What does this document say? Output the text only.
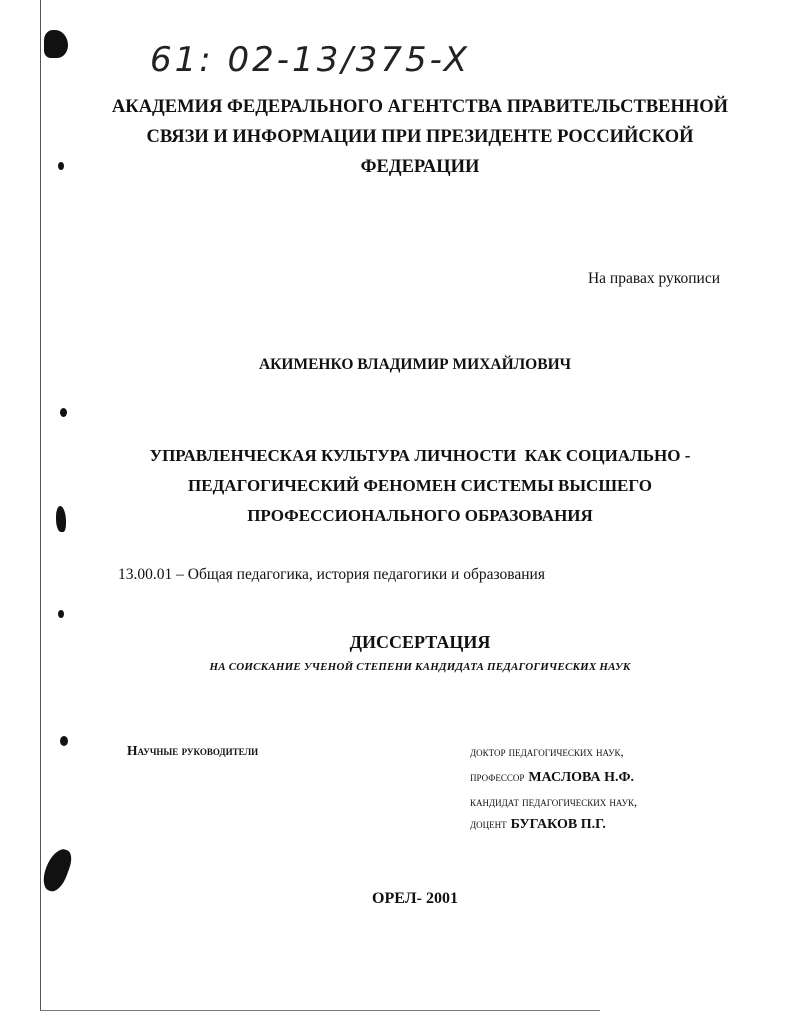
61: 02-13/375-X
АКАДЕМИЯ ФЕДЕРАЛЬНОГО АГЕНТСТВА ПРАВИТЕЛЬСТВЕННОЙ
СВЯЗИ И ИНФОРМАЦИИ ПРИ ПРЕЗИДЕНТЕ РОССИЙСКОЙ
ФЕДЕРАЦИИ
На правах рукописи
АКИМЕНКО ВЛАДИМИР МИХАЙЛОВИЧ
УПРАВЛЕНЧЕСКАЯ КУЛЬТУРА ЛИЧНОСТИ  КАК СОЦИАЛЬНО -
ПЕДАГОГИЧЕСКИЙ ФЕНОМЕН СИСТЕМЫ ВЫСШЕГО
ПРОФЕССИОНАЛЬНОГО ОБРАЗОВАНИЯ
13.00.01 – Общая педагогика, история педагогики и образования
ДИССЕРТАЦИЯ
НА СОИСКАНИЕ УЧЕНОЙ СТЕПЕНИ КАНДИДАТА ПЕДАГОГИЧЕСКИХ НАУК
Научные руководители	доктор педагогических наук,
профессор МАСЛОВА Н.Ф.
кандидат педагогических наук,
доцент БУГАКОВ П.Г.
ОРЕЛ- 2001
